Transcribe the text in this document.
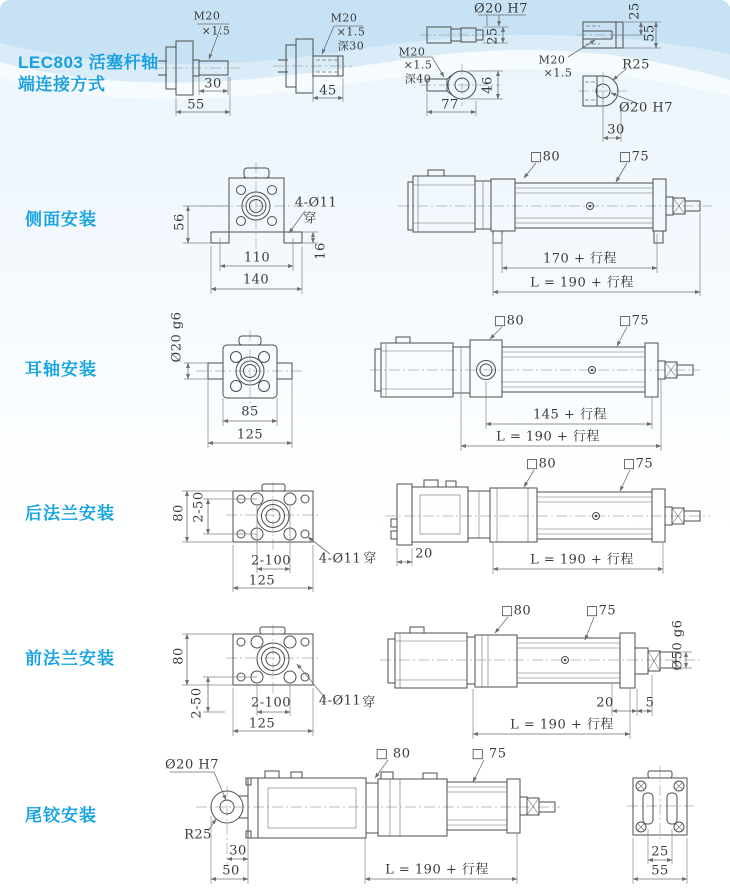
LEC803 活塞杆轴
端连接方式
M20
×1.5
30
55
M20
×1.5
深30
45
Ø20 H7
25
M20
×1.5
深40	46
77
25
55
M20
×1.5
R25
Ø20 H7
30
侧面安装	56
4-Ø11
穿
110
140
16
□80	□75
170 + 行程
L = 190 + 行程
耳轴安装
Ø20 g6
85
125
□80	□75
145 + 行程
L = 190 + 行程
后法兰安装	80 2-50
2-100
125
4-Ø11 穿	20
□80	□75
L = 190 + 行程
前法兰安装	80
2-50	2-100
125
4-Ø11 穿
Ø50 g6
20 5
□80	□75
L = 190 + 行程
尾铰安装
Ø20 H7
R25
30
50
□ 80	□ 75
L = 190 + 行程
25
55
